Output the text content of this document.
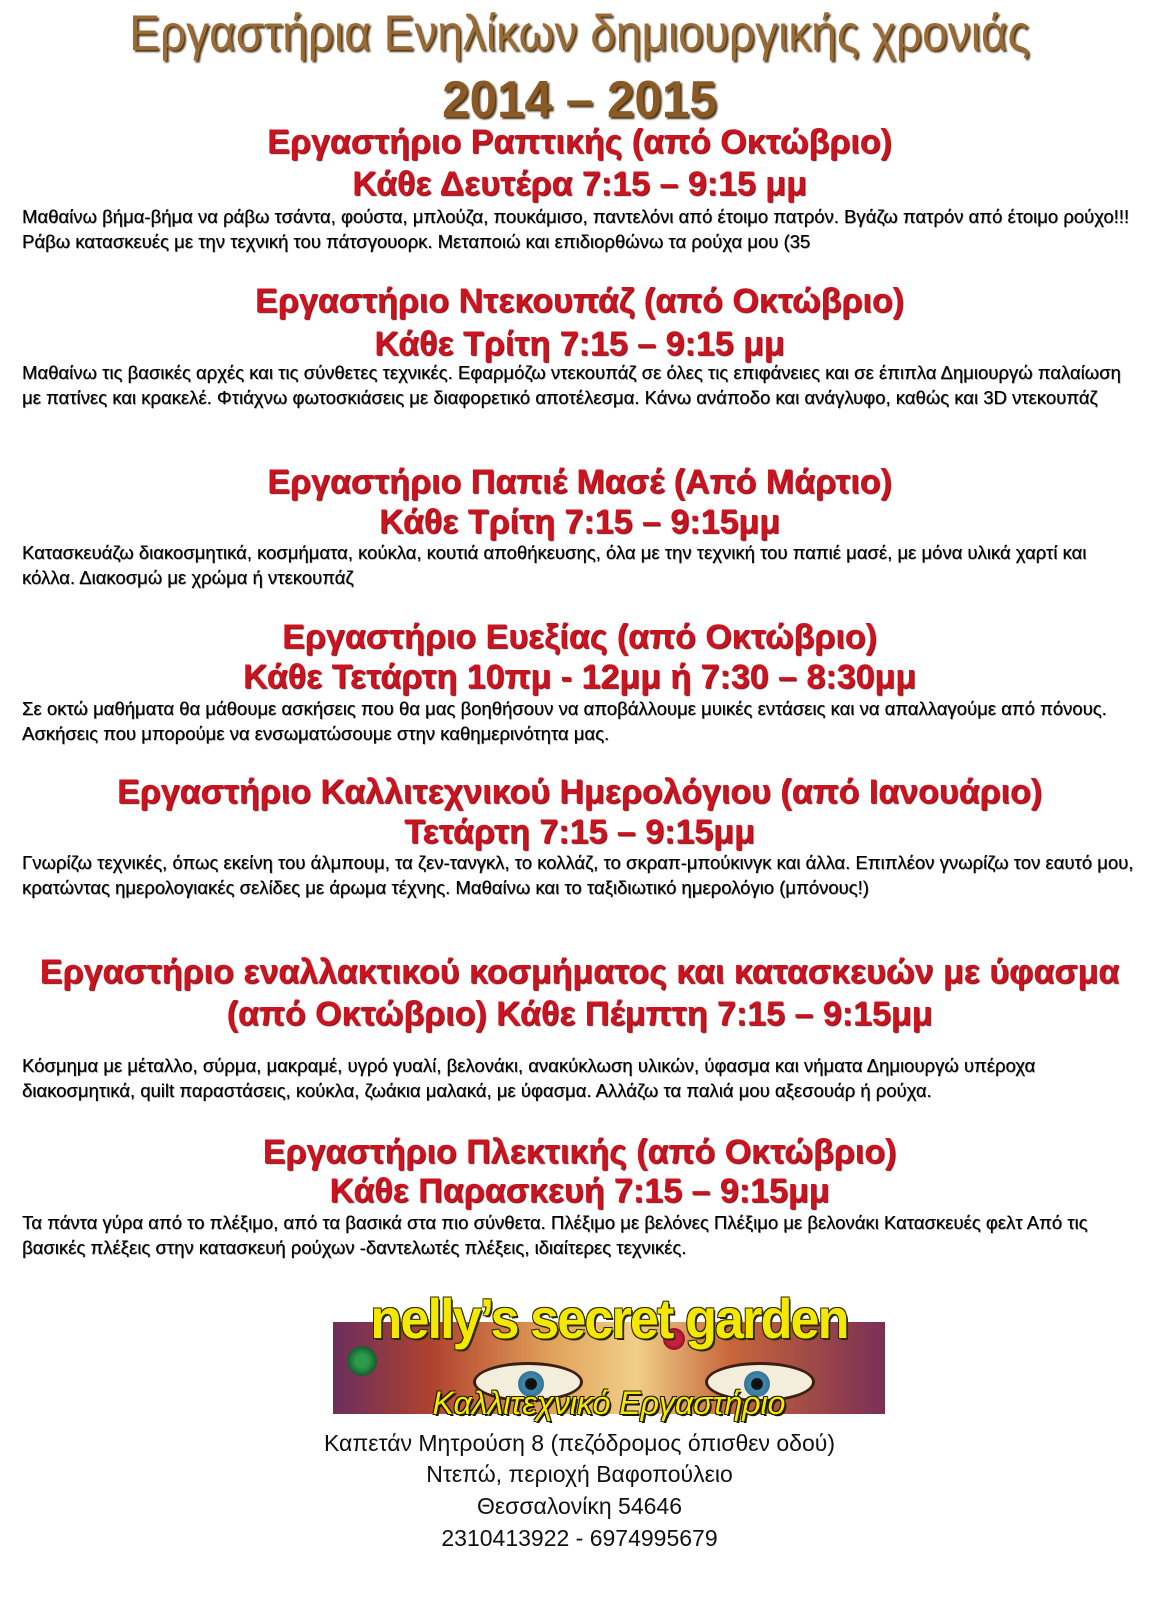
Εργαστήρια Ενηλίκων δημιουργικής χρονιάς
2014 – 2015
Εργαστήριο Ραπτικής (από Οκτώβριο)
Κάθε Δευτέρα 7:15 – 9:15 μμ

Μαθαίνω βήμα-βήμα να ράβω τσάντα, φούστα, μπλούζα, πουκάμισο, παντελόνι από έτοιμο πατρόν. Βγάζω πατρόν από έτοιμο ρούχο!!! Ράβω κατασκευές με την τεχνική του πάτσγουορκ. Μεταποιώ και επιδιορθώνω τα ρούχα μου (35

Εργαστήριο Ντεκουπάζ (από Οκτώβριο)
Κάθε Τρίτη 7:15 – 9:15 μμ

Μαθαίνω τις βασικές αρχές και τις σύνθετες τεχνικές. Εφαρμόζω ντεκουπάζ σε όλες τις επιφάνειες και σε έπιπλα Δημιουργώ παλαίωση με πατίνες και κρακελέ. Φτιάχνω φωτοσκιάσεις με διαφορετικό αποτέλεσμα. Κάνω ανάποδο και ανάγλυφο, καθώς και 3D ντεκουπάζ

Εργαστήριο Παπιέ Μασέ (Από Μάρτιο)
Κάθε Τρίτη 7:15 – 9:15μμ

Κατασκευάζω διακοσμητικά, κοσμήματα, κούκλα, κουτιά αποθήκευσης, όλα με την τεχνική του παπιέ μασέ, με μόνα υλικά χαρτί και κόλλα. Διακοσμώ με χρώμα ή ντεκουπάζ

Εργαστήριο Ευεξίας (από Οκτώβριο)
Κάθε Τετάρτη 10πμ - 12μμ ή 7:30 – 8:30μμ

Σε οκτώ μαθήματα θα μάθουμε ασκήσεις που θα μας βοηθήσουν να αποβάλλουμε μυικές εντάσεις και να απαλλαγούμε από πόνους. Ασκήσεις που μπορούμε να ενσωματώσουμε στην καθημερινότητα μας.

Εργαστήριο Καλλιτεχνικού Ημερολόγιου (από Ιανουάριο)
Τετάρτη 7:15 – 9:15μμ

Γνωρίζω τεχνικές, όπως εκείνη του άλμπουμ, τα ζεν-τανγκλ, το κολλάζ, το σκραπ-μπούκινγκ και άλλα. Επιπλέον γνωρίζω τον εαυτό μου, κρατώντας ημερολογιακές σελίδες με άρωμα τέχνης. Μαθαίνω και το ταξιδιωτικό ημερολόγιο (μπόνους!)

Εργαστήριο εναλλακτικού κοσμήματος και κατασκευών με ύφασμα
(από Οκτώβριο) Κάθε Πέμπτη 7:15 – 9:15μμ

Κόσμημα με μέταλλο, σύρμα, μακραμέ, υγρό γυαλί, βελονάκι, ανακύκλωση υλικών, ύφασμα και νήματα Δημιουργώ υπέροχα διακοσμητικά, quilt παραστάσεις, κούκλα, ζωάκια μαλακά, με ύφασμα. Αλλάζω τα παλιά μου αξεσουάρ ή ρούχα.

Εργαστήριο Πλεκτικής (από Οκτώβριο)
Κάθε Παρασκευή 7:15 – 9:15μμ

Τα πάντα γύρα από το πλέξιμο, από τα βασικά στα πιο σύνθετα. Πλέξιμο με βελόνες Πλέξιμο με βελονάκι Κατασκευές φελτ Από τις βασικές πλέξεις στην κατασκευή ρούχων -δαντελωτές πλέξεις, ιδιαίτερες τεχνικές.

nelly’s secret garden
Καλλιτεχνικό Εργαστήριο

Καπετάν Μητρούση 8 (πεζόδρομος όπισθεν οδού)

Ντεπώ, περιοχή Βαφοπούλειο

Θεσσαλονίκη 54646

2310413922 - 6974995679
